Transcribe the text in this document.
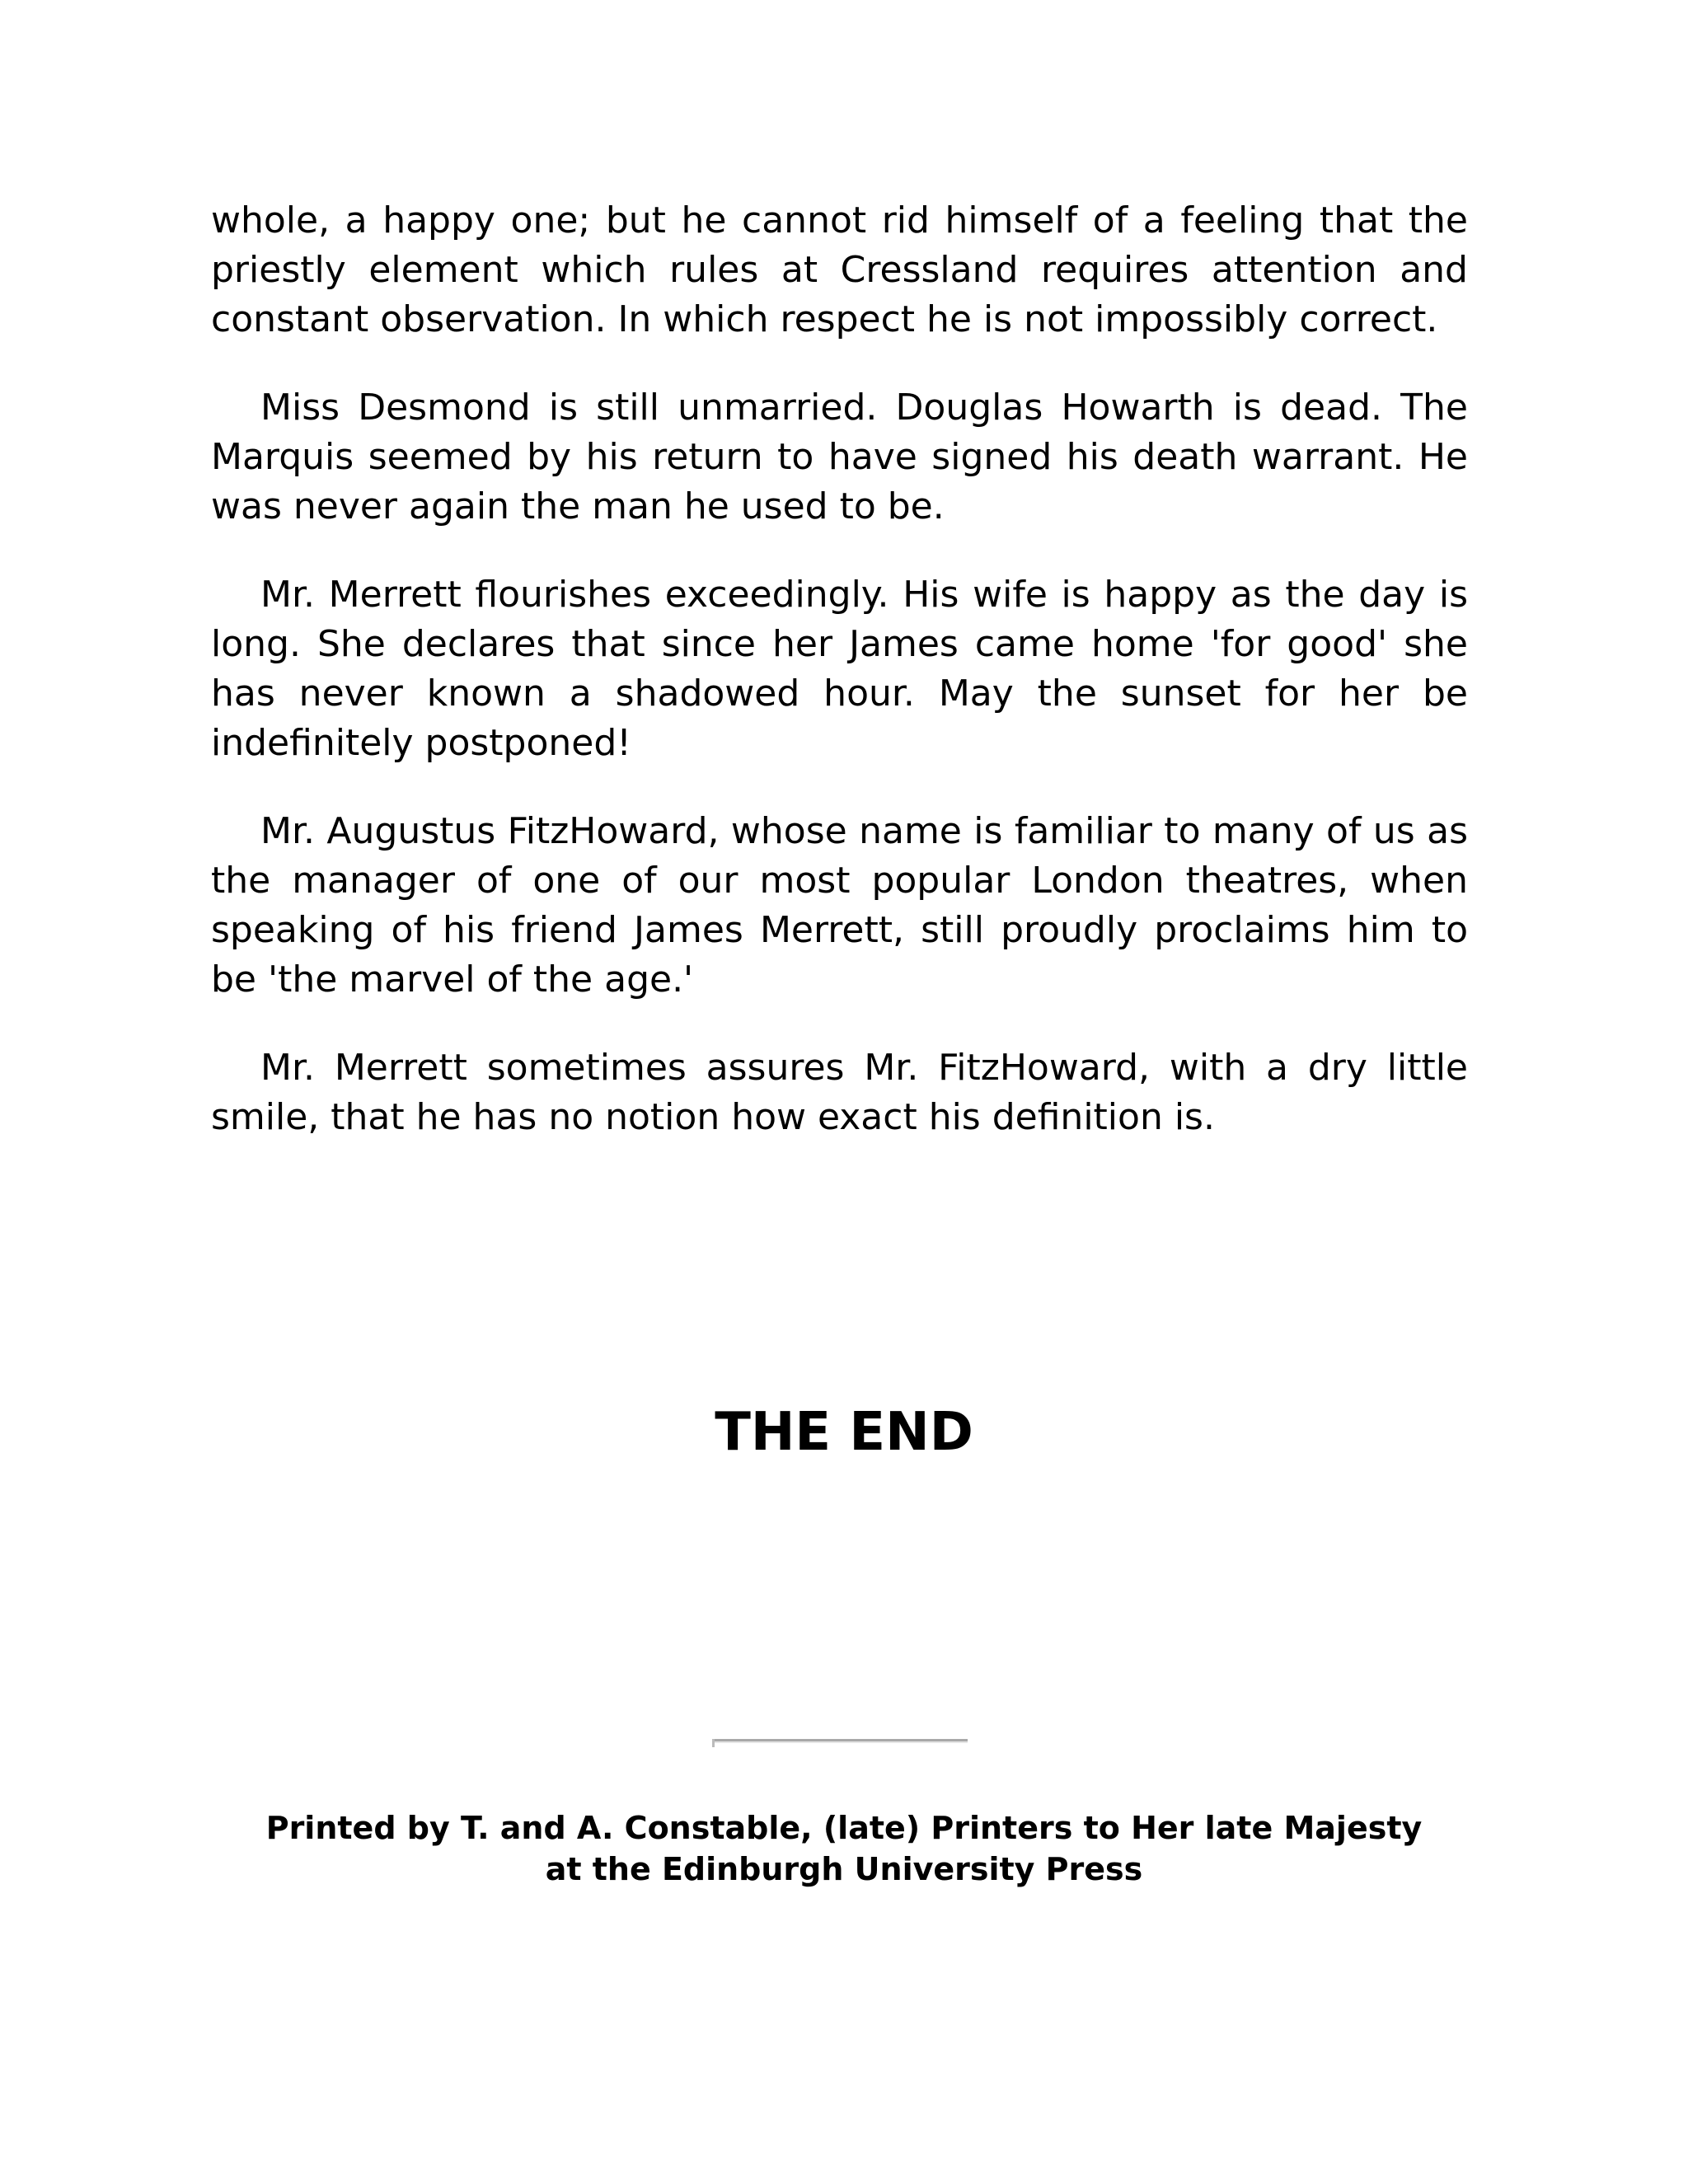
whole, a happy one; but he cannot rid himself of a feeling that the priestly element which rules at Cressland requires attention and constant observation. In which respect he is not impossibly correct.

Miss Desmond is still unmarried. Douglas Howarth is dead. The Marquis seemed by his return to have signed his death warrant. He was never again the man he used to be.

Mr. Merrett flourishes exceedingly. His wife is happy as the day is long. She declares that since her James came home 'for good' she has never known a shadowed hour. May the sunset for her be indefinitely postponed!

Mr. Augustus FitzHoward, whose name is familiar to many of us as the manager of one of our most popular London theatres, when speaking of his friend James Merrett, still proudly proclaims him to be 'the marvel of the age.'

Mr. Merrett sometimes assures Mr. FitzHoward, with a dry little smile, that he has no notion how exact his definition is.

THE END
Printed by T. and A. Constable, (late) Printers to Her late Majesty
at the Edinburgh University Press
